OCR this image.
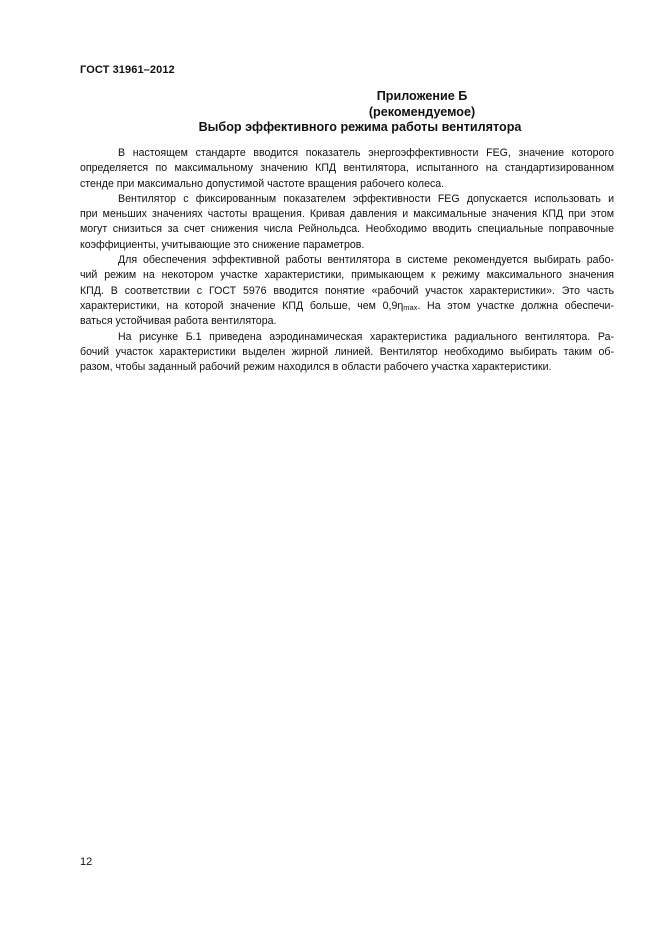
ГОСТ 31961–2012
Приложение Б
(рекомендуемое)
Выбор эффективного режима работы вентилятора
В настоящем стандарте вводится показатель энергоэффективности FEG, значение которого
определяется по максимальному значению КПД вентилятора, испытанного на стандартизированном
стенде при максимально допустимой частоте вращения рабочего колеса.
Вентилятор с фиксированным показателем эффективности FEG допускается использовать и
при меньших значениях частоты вращения. Кривая давления и максимальные значения КПД при этом
могут снизиться за счет снижения числа Рейнольдса. Необходимо вводить специальные поправочные
коэффициенты, учитывающие это снижение параметров.
Для обеспечения эффективной работы вентилятора в системе рекомендуется выбирать рабо-
чий режим на некотором участке характеристики, примыкающем к режиму максимального значения
КПД. В соответствии с ГОСТ 5976 вводится понятие «рабочий участок характеристики». Это часть
характеристики, на которой значение КПД больше, чем 0,9ηmax. На этом участке должна обеспечи-
ваться устойчивая работа вентилятора.
На рисунке Б.1 приведена аэродинамическая характеристика радиального вентилятора. Ра-
бочий участок характеристики выделен жирной линией. Вентилятор необходимо выбирать таким об-
разом, чтобы заданный рабочий режим находился в области рабочего участка характеристики.
12
